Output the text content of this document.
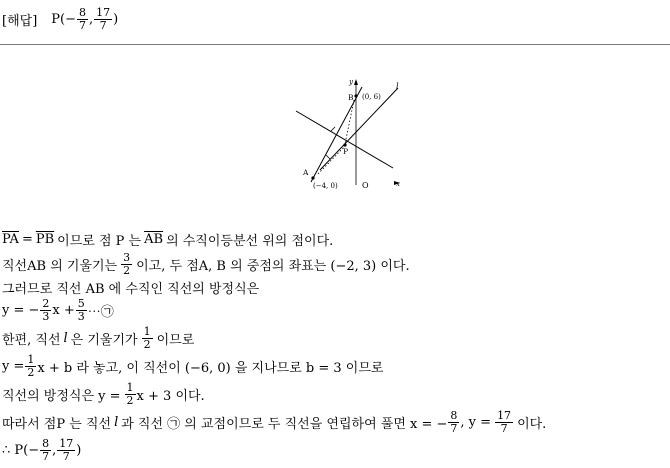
[해답] $P( - \frac{8}{7}$ , $\frac{17}{7}$ )
y
x
l
B (0, 6)
P
A
(−4, 0)	O
$\overline{PA} = \overline{PB}$ 이므로 점 P 는 $\overline{AB}$ 의 수직이등분선 위의 점이다.
직선AB 의 기울기는 $\frac{3}{2}$ 이고, 두 점A, B 의 중점의 좌표는 (−2, 3) 이다.
그러므로 직선 AB 에 수직인 직선의 방정식은
y = − $\frac{2}{3}$ $x + \frac{5}{3}$ ⋯㉠
한편, 직선 l 은 기울기가 $\frac{1}{2}$ 이므로
$y = \frac{1}{2}$ x + b 라 놓고, 이 직선이 (−6, 0) 을 지나므로 b = 3 이므로
직선의 방정식은 $y = \frac{1}{2}$ x + 3 이다.
따라서 점P 는 직선 l 과 직선 ㉠ 의 교점이므로 두 직선을 연립하여 풀면 x = − $\frac{8}{7}$ , $y = \frac{17}{7}$ 이다.
∴ $P(- \frac{8}{7}$ , $\frac{17}{7}$ )
